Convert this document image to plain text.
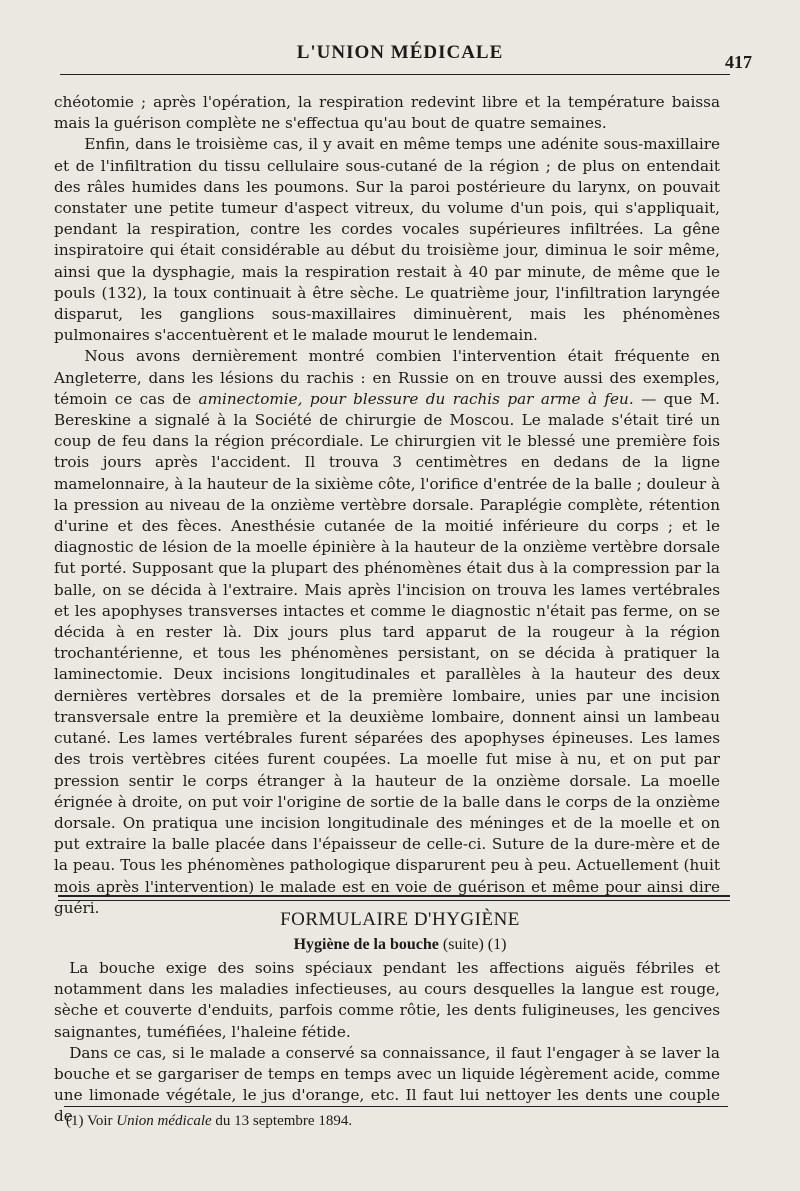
L'UNION MÉDICALE	417

chéotomie ; après l'opération, la respiration redevint libre et la température baissa mais la guérison complète ne s'effectua qu'au bout de quatre semaines.

Enfin, dans le troisième cas, il y avait en même temps une adénite sous-maxillaire et de l'infiltration du tissu cellulaire sous-cutané de la région ; de plus on entendait des râles humides dans les poumons. Sur la paroi postérieure du larynx, on pouvait constater une petite tumeur d'aspect vitreux, du volume d'un pois, qui s'appliquait, pendant la respiration, contre les cordes vocales supérieures infiltrées. La gêne inspiratoire qui était considérable au début du troisième jour, diminua le soir même, ainsi que la dysphagie, mais la respiration restait à 40 par minute, de même que le pouls (132), la toux continuait à être sèche. Le quatrième jour, l'infiltration laryngée disparut, les ganglions sous-maxillaires diminuèrent, mais les phénomènes pulmonaires s'accentuèrent et le malade mourut le lendemain.

Nous avons dernièrement montré combien l'intervention était fréquente en Angleterre, dans les lésions du rachis : en Russie on en trouve aussi des exemples, témoin ce cas de aminectomie, pour blessure du rachis par arme à feu. — que M. Bereskine a signalé à la Société de chirurgie de Moscou. Le malade s'était tiré un coup de feu dans la région précordiale. Le chirurgien vit le blessé une première fois trois jours après l'accident. Il trouva 3 centimètres en dedans de la ligne mamelonnaire, à la hauteur de la sixième côte, l'orifice d'entrée de la balle ; douleur à la pression au niveau de la onzième vertèbre dorsale. Paraplégie complète, rétention d'urine et des fèces. Anesthésie cutanée de la moitié inférieure du corps ; et le diagnostic de lésion de la moelle épinière à la hauteur de la onzième vertèbre dorsale fut porté. Supposant que la plupart des phénomènes était dus à la compression par la balle, on se décida à l'extraire. Mais après l'incision on trouva les lames vertébrales et les apophyses transverses intactes et comme le diagnostic n'était pas ferme, on se décida à en rester là. Dix jours plus tard apparut de la rougeur à la région trochantérienne, et tous les phénomènes persistant, on se décida à pratiquer la laminectomie. Deux incisions longitudinales et parallèles à la hauteur des deux dernières vertèbres dorsales et de la première lombaire, unies par une incision transversale entre la première et la deuxième lombaire, donnent ainsi un lambeau cutané. Les lames vertébrales furent séparées des apophyses épineuses. Les lames des trois vertèbres citées furent coupées. La moelle fut mise à nu, et on put par pression sentir le corps étranger à la hauteur de la onzième dorsale. La moelle érignée à droite, on put voir l'origine de sortie de la balle dans le corps de la onzième dorsale. On pratiqua une incision longitudinale des méninges et de la moelle et on put extraire la balle placée dans l'épaisseur de celle-ci. Suture de la dure-mère et de la peau. Tous les phénomènes pathologique disparurent peu à peu. Actuellement (huit mois après l'intervention) le malade est en voie de guérison et même pour ainsi dire guéri.

FORMULAIRE D'HYGIÈNE
Hygiène de la bouche (suite) (1)

La bouche exige des soins spéciaux pendant les affections aiguës fébriles et notamment dans les maladies infectieuses, au cours desquelles la langue est rouge, sèche et couverte d'enduits, parfois comme rôtie, les dents fuligineuses, les gencives saignantes, tuméfiées, l'haleine fétide.

Dans ce cas, si le malade a conservé sa connaissance, il faut l'engager à se laver la bouche et se gargariser de temps en temps avec un liquide légèrement acide, comme une limonade végétale, le jus d'orange, etc. Il faut lui nettoyer les dents une couple de

(1) Voir Union médicale du 13 septembre 1894.
